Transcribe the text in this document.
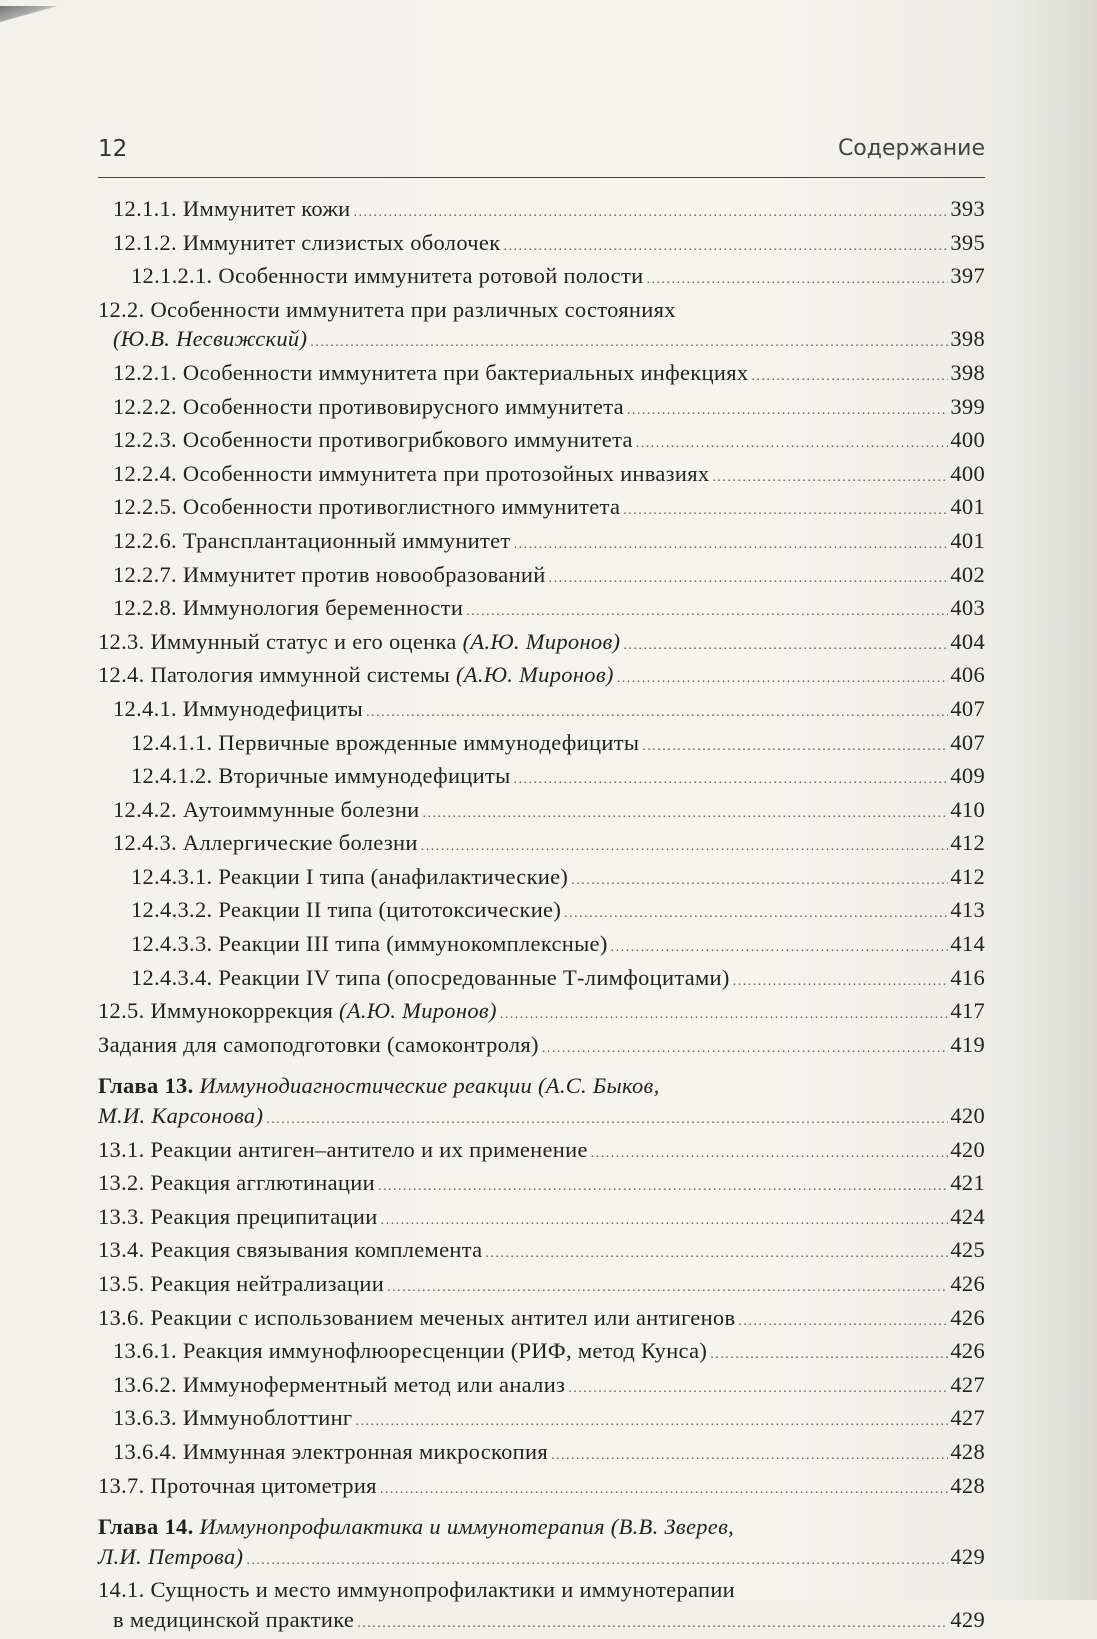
12	Содержание
12.1.1. Иммунитет кожи .....	393
12.1.2. Иммунитет слизистых оболочек .....	395
12.1.2.1. Особенности иммунитета ротовой полости .....	397
12.2. Особенности иммунитета при различных состояниях
(Ю.В. Несвижский) .....	398
12.2.1. Особенности иммунитета при бактериальных инфекциях .....	398
12.2.2. Особенности противовирусного иммунитета .....	399
12.2.3. Особенности противогрибкового иммунитета .....	400
12.2.4. Особенности иммунитета при протозойных инвазиях .....	400
12.2.5. Особенности противоглистного иммунитета .....	401
12.2.6. Трансплантационный иммунитет .....	401
12.2.7. Иммунитет против новообразований .....	402
12.2.8. Иммунология беременности .....	403
12.3. Иммунный статус и его оценка (А.Ю. Миронов) .....	404
12.4. Патология иммунной системы (А.Ю. Миронов) .....	406
12.4.1. Иммунодефициты .....	407
12.4.1.1. Первичные врожденные иммунодефициты .....	407
12.4.1.2. Вторичные иммунодефициты .....	409
12.4.2. Аутоиммунные болезни .....	410
12.4.3. Аллергические болезни .....	412
12.4.3.1. Реакции I типа (анафилактические) .....	412
12.4.3.2. Реакции II типа (цитотоксические) .....	413
12.4.3.3. Реакции III типа (иммунокомплексные) .....	414
12.4.3.4. Реакции IV типа (опосредованные Т-лимфоцитами) .....	416
12.5. Иммунокоррекция (А.Ю. Миронов) .....	417
Задания для самоподготовки (самоконтроля) .....	419
Глава 13. Иммунодиагностические реакции (А.С. Быков,
М.И. Карсонова) .....	420
13.1. Реакции антиген–антитело и их применение .....	420
13.2. Реакция агглютинации .....	421
13.3. Реакция преципитации .....	424
13.4. Реакция связывания комплемента .....	425
13.5. Реакция нейтрализации .....	426
13.6. Реакции с использованием меченых антител или антигенов .....	426
13.6.1. Реакция иммунофлюоресценции (РИФ, метод Кунса) .....	426
13.6.2. Иммуноферментный метод или анализ .....	427
13.6.3. Иммуноблоттинг .....	427
13.6.4. Иммунная электронная микроскопия .....	428
13.7. Проточная цитометрия .....	428
Глава 14. Иммунопрофилактика и иммунотерапия (В.В. Зверев,
Л.И. Петрова) .....	429
14.1. Сущность и место иммунопрофилактики и иммунотерапии
в медицинской практике .....	429
